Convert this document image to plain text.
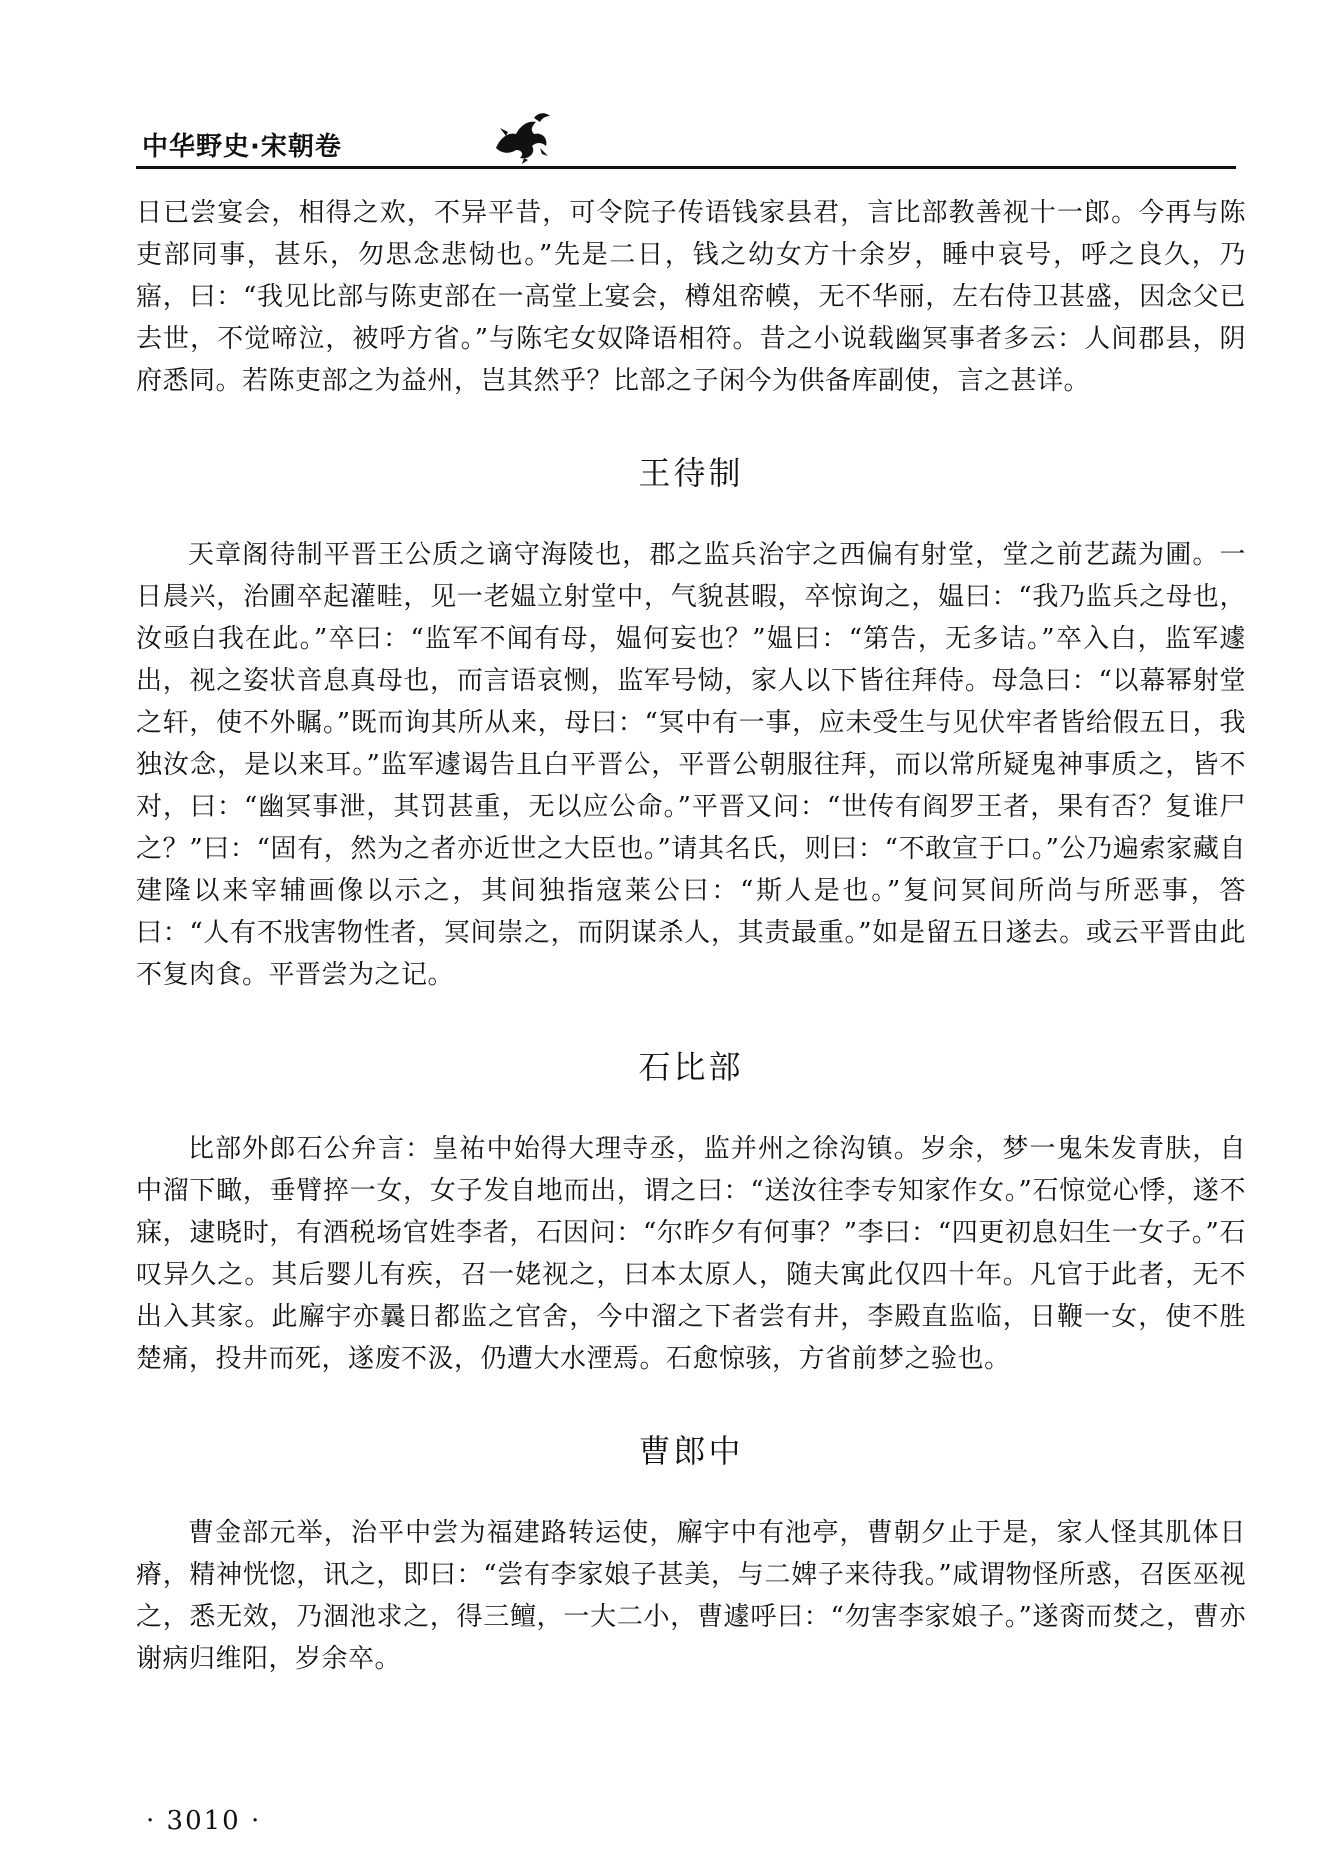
中华野史·宋朝卷

日已尝宴会，相得之欢，不异平昔，可令院子传语钱家县君，言比部教善视十一郎。今再与陈吏部同事，甚乐，勿思念悲恸也。”先是二日，钱之幼女方十余岁，睡中哀号，呼之良久，乃寤，曰：“我见比部与陈吏部在一高堂上宴会，樽俎帟幙，无不华丽，左右侍卫甚盛，因念父已去世，不觉啼泣，被呼方省。”与陈宅女奴降语相符。昔之小说载幽冥事者多云：人间郡县，阴府悉同。若陈吏部之为益州，岂其然乎？比部之子闲今为供备库副使，言之甚详。

王待制

天章阁待制平晋王公质之谪守海陵也，郡之监兵治宇之西偏有射堂，堂之前艺蔬为圃。一日晨兴，治圃卒起灌畦，见一老媪立射堂中，气貌甚暇，卒惊询之，媪曰：“我乃监兵之母也，汝亟白我在此。”卒曰：“监军不闻有母，媪何妄也？”媪曰：“第告，无多诘。”卒入白，监军遽出，视之姿状音息真母也，而言语哀恻，监军号恸，家人以下皆往拜侍。母急曰：“以幕幂射堂之轩，使不外瞩。”既而询其所从来，母曰：“冥中有一事，应未受生与见伏牢者皆给假五日，我独汝念，是以来耳。”监军遽谒告且白平晋公，平晋公朝服往拜，而以常所疑鬼神事质之，皆不对，曰：“幽冥事泄，其罚甚重，无以应公命。”平晋又问：“世传有阎罗王者，果有否？复谁尸之？”曰：“固有，然为之者亦近世之大臣也。”请其名氏，则曰：“不敢宣于口。”公乃遍索家藏自建隆以来宰辅画像以示之，其间独指寇莱公曰：“斯人是也。”复问冥间所尚与所恶事，答曰：“人有不戕害物性者，冥间崇之，而阴谋杀人，其责最重。”如是留五日遂去。或云平晋由此不复肉食。平晋尝为之记。

石比部

比部外郎石公弁言：皇祐中始得大理寺丞，监并州之徐沟镇。岁余，梦一鬼朱发青肤，自中溜下瞰，垂臂捽一女，女子发自地而出，谓之曰：“送汝往李专知家作女。”石惊觉心悸，遂不寐，逮晓时，有酒税场官姓李者，石因问：“尔昨夕有何事？”李曰：“四更初息妇生一女子。”石叹异久之。其后婴儿有疾，召一姥视之，曰本太原人，随夫寓此仅四十年。凡官于此者，无不出入其家。此廨宇亦曩日都监之官舍，今中溜之下者尝有井，李殿直监临，日鞭一女，使不胜楚痛，投井而死，遂废不汲，仍遭大水湮焉。石愈惊骇，方省前梦之验也。

曹郎中

曹金部元举，治平中尝为福建路转运使，廨宇中有池亭，曹朝夕止于是，家人怪其肌体日瘠，精神恍惚，讯之，即曰：“尝有李家娘子甚美，与二婢子来待我。”咸谓物怪所惑，召医巫视之，悉无效，乃涸池求之，得三鳣，一大二小，曹遽呼曰：“勿害李家娘子。”遂脔而焚之，曹亦谢病归维阳，岁余卒。

· 3010 ·
